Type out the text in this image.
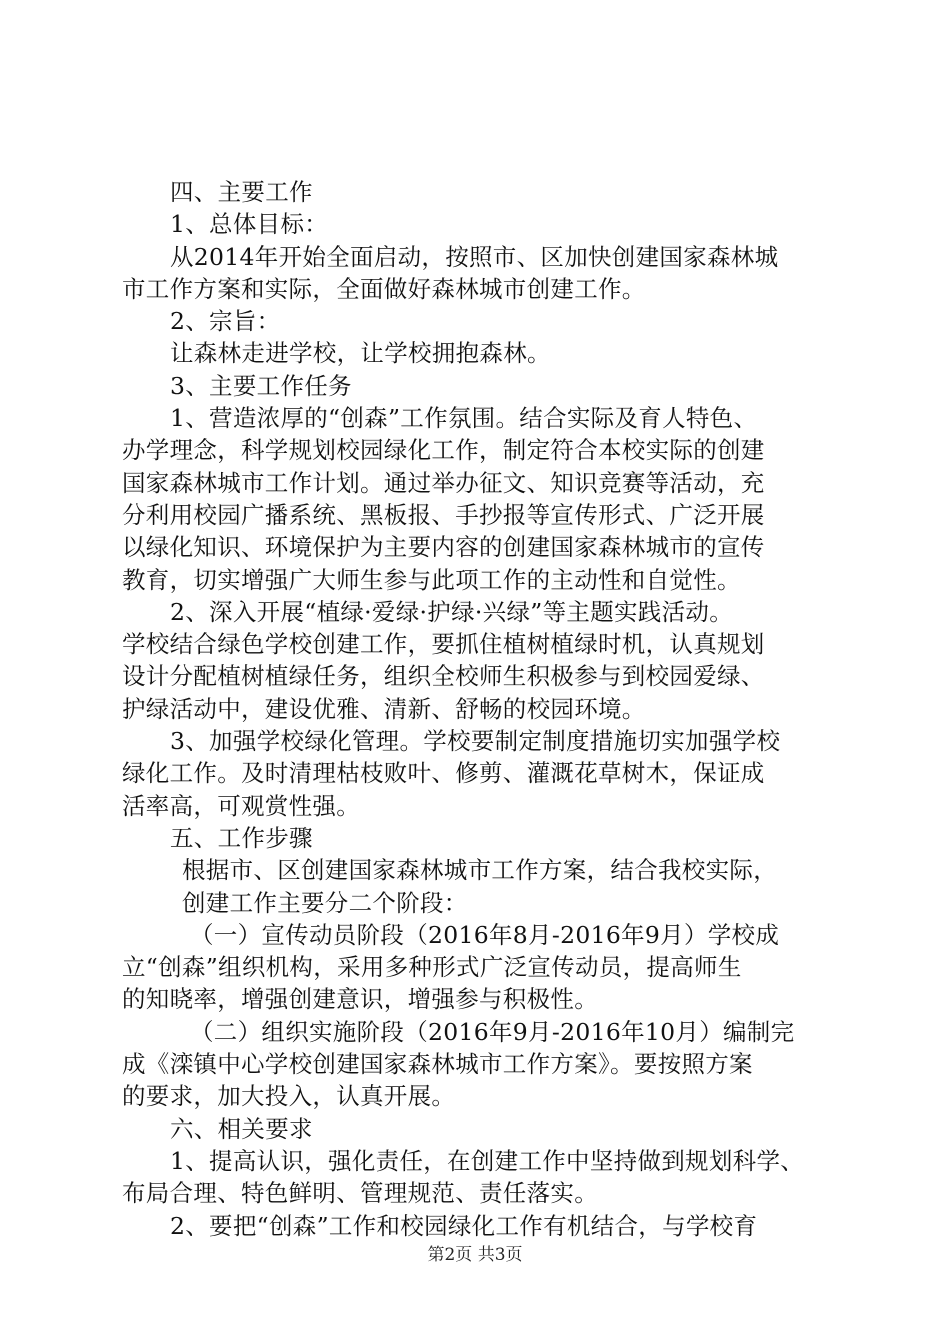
四、主要工作
1、总体目标：
从2014年开始全面启动，按照市、区加快创建国家森林城
市工作方案和实际，全面做好森林城市创建工作。
2、宗旨：
让森林走进学校，让学校拥抱森林。
3、主要工作任务
1、营造浓厚的“创森”工作氛围。结合实际及育人特色、
办学理念，科学规划校园绿化工作，制定符合本校实际的创建
国家森林城市工作计划。通过举办征文、知识竞赛等活动，充
分利用校园广播系统、黑板报、手抄报等宣传形式、广泛开展
以绿化知识、环境保护为主要内容的创建国家森林城市的宣传
教育，切实增强广大师生参与此项工作的主动性和自觉性。
2、深入开展“植绿·爱绿·护绿·兴绿”等主题实践活动。
学校结合绿色学校创建工作，要抓住植树植绿时机，认真规划
设计分配植树植绿任务，组织全校师生积极参与到校园爱绿、
护绿活动中，建设优雅、清新、舒畅的校园环境。
3、加强学校绿化管理。学校要制定制度措施切实加强学校
绿化工作。及时清理枯枝败叶、修剪、灌溉花草树木，保证成
活率高，可观赏性强。
五、工作步骤
根据市、区创建国家森林城市工作方案，结合我校实际，
创建工作主要分二个阶段：
（一）宣传动员阶段（2016年8月-2016年9月）学校成
立“创森”组织机构，采用多种形式广泛宣传动员，提高师生
的知晓率，增强创建意识，增强参与积极性。
（二）组织实施阶段（2016年9月-2016年10月）编制完
成《滦镇中心学校创建国家森林城市工作方案》。要按照方案
的要求，加大投入，认真开展。
六、相关要求
1、提高认识，强化责任，在创建工作中坚持做到规划科学、
布局合理、特色鲜明、管理规范、责任落实。
2、要把“创森”工作和校园绿化工作有机结合，与学校育
第2页 共3页
